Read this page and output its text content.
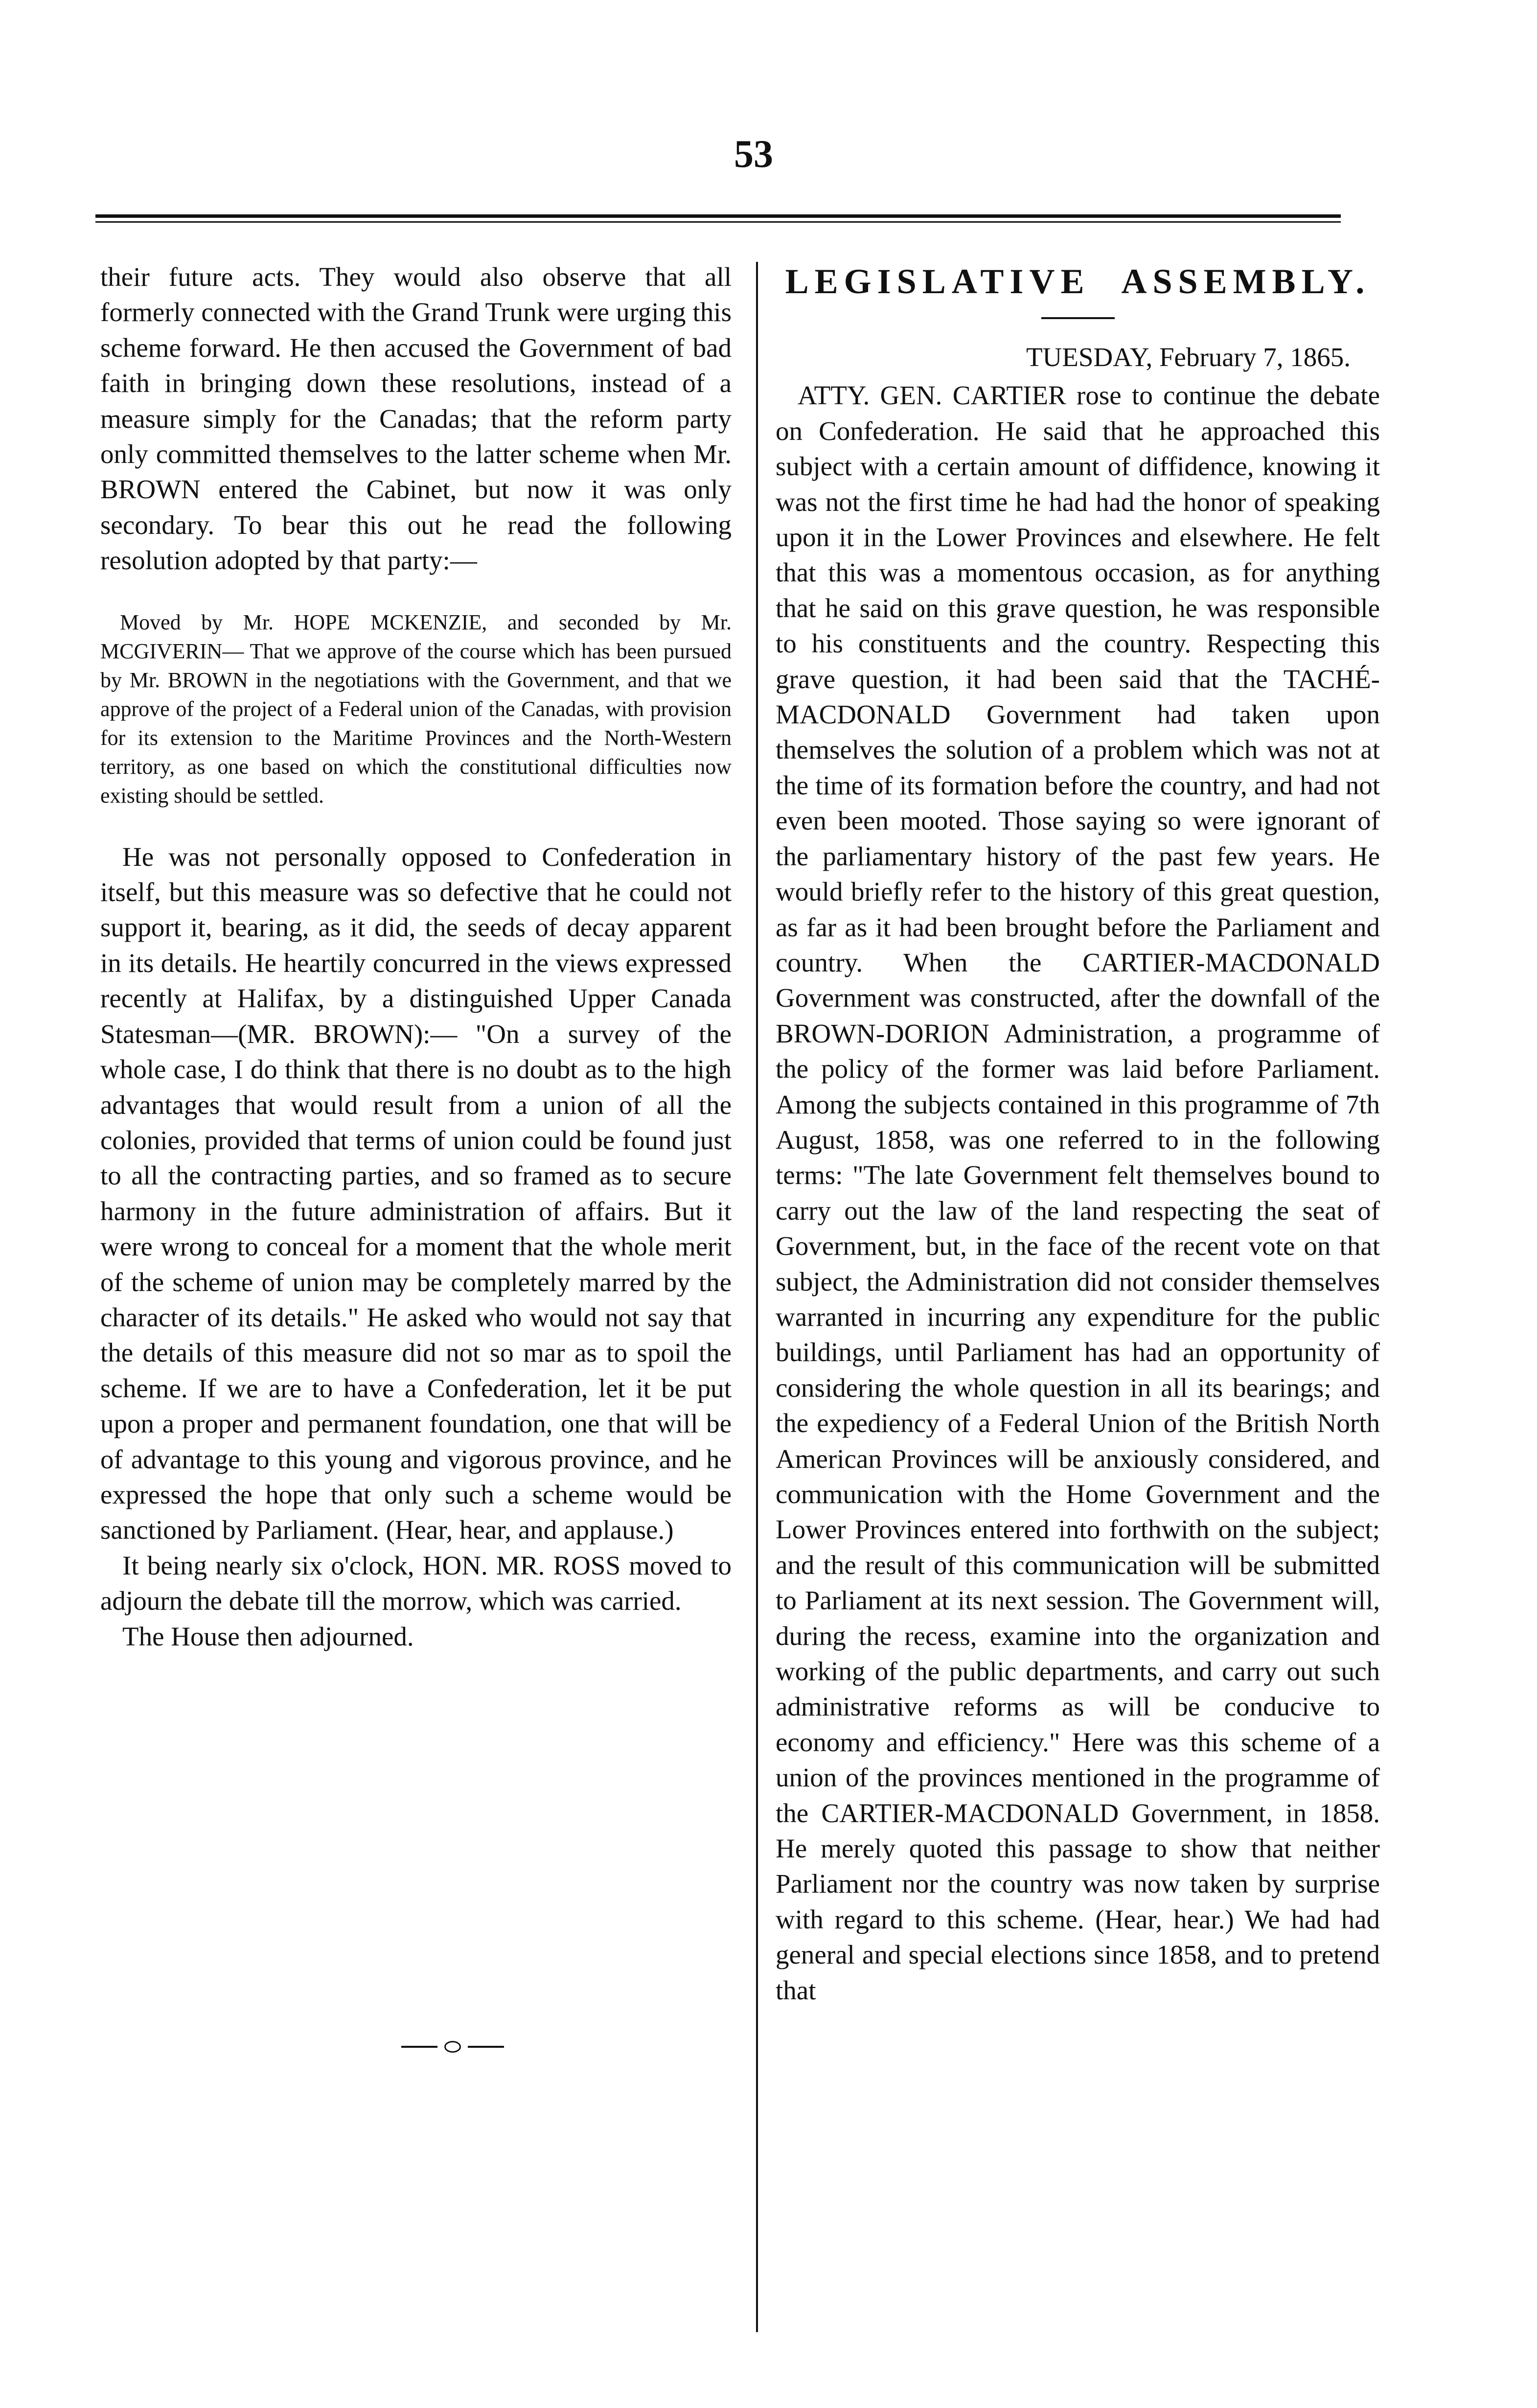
53

their future acts. They would also observe that all formerly connected with the Grand Trunk were urging this scheme forward. He then accused the Government of bad faith in bringing down these resolutions, instead of a measure simply for the Canadas; that the reform party only committed themselves to the latter scheme when Mr. BROWN entered the Cabinet, but now it was only secondary. To bear this out he read the following resolution adopted by that party:—

Moved by Mr. HOPE MCKENZIE, and seconded by Mr. MCGIVERIN— That we approve of the course which has been pursued by Mr. BROWN in the negotiations with the Government, and that we approve of the project of a Federal union of the Canadas, with provision for its extension to the Maritime Provinces and the North-Western territory, as one based on which the constitutional difficulties now existing should be settled.

He was not personally opposed to Confederation in itself, but this measure was so defective that he could not support it, bearing, as it did, the seeds of decay apparent in its details. He heartily concurred in the views expressed recently at Halifax, by a distinguished Upper Canada Statesman—(MR. BROWN):— "On a survey of the whole case, I do think that there is no doubt as to the high advantages that would result from a union of all the colonies, provided that terms of union could be found just to all the contracting parties, and so framed as to secure harmony in the future administration of affairs. But it were wrong to conceal for a moment that the whole merit of the scheme of union may be completely marred by the character of its details." He asked who would not say that the details of this measure did not so mar as to spoil the scheme. If we are to have a Confederation, let it be put upon a proper and permanent foundation, one that will be of advantage to this young and vigorous province, and he expressed the hope that only such a scheme would be sanctioned by Parliament. (Hear, hear, and applause.)

It being nearly six o'clock, HON. MR. ROSS moved to adjourn the debate till the morrow, which was carried.

The House then adjourned.

LEGISLATIVE ASSEMBLY.

TUESDAY, February 7, 1865.

ATTY. GEN. CARTIER rose to continue the debate on Confederation. He said that he approached this subject with a certain amount of diffidence, knowing it was not the first time he had had the honor of speaking upon it in the Lower Provinces and elsewhere. He felt that this was a momentous occasion, as for anything that he said on this grave question, he was responsible to his constituents and the country. Respecting this grave question, it had been said that the TACHÉ-MACDONALD Government had taken upon themselves the solution of a problem which was not at the time of its formation before the country, and had not even been mooted. Those saying so were ignorant of the parliamentary history of the past few years. He would briefly refer to the history of this great question, as far as it had been brought before the Parliament and country. When the CARTIER-MACDONALD Government was constructed, after the downfall of the BROWN-DORION Administration, a programme of the policy of the former was laid before Parliament. Among the subjects contained in this programme of 7th August, 1858, was one referred to in the following terms: "The late Government felt themselves bound to carry out the law of the land respecting the seat of Government, but, in the face of the recent vote on that subject, the Administration did not consider themselves warranted in incurring any expenditure for the public buildings, until Parliament has had an opportunity of considering the whole question in all its bearings; and the expediency of a Federal Union of the British North American Provinces will be anxiously considered, and communication with the Home Government and the Lower Provinces entered into forthwith on the subject; and the result of this communication will be submitted to Parliament at its next session. The Government will, during the recess, examine into the organization and working of the public departments, and carry out such administrative reforms as will be conducive to economy and efficiency." Here was this scheme of a union of the provinces mentioned in the programme of the CARTIER-MACDONALD Government, in 1858. He merely quoted this passage to show that neither Parliament nor the country was now taken by surprise with regard to this scheme. (Hear, hear.) We had had general and special elections since 1858, and to pretend that
